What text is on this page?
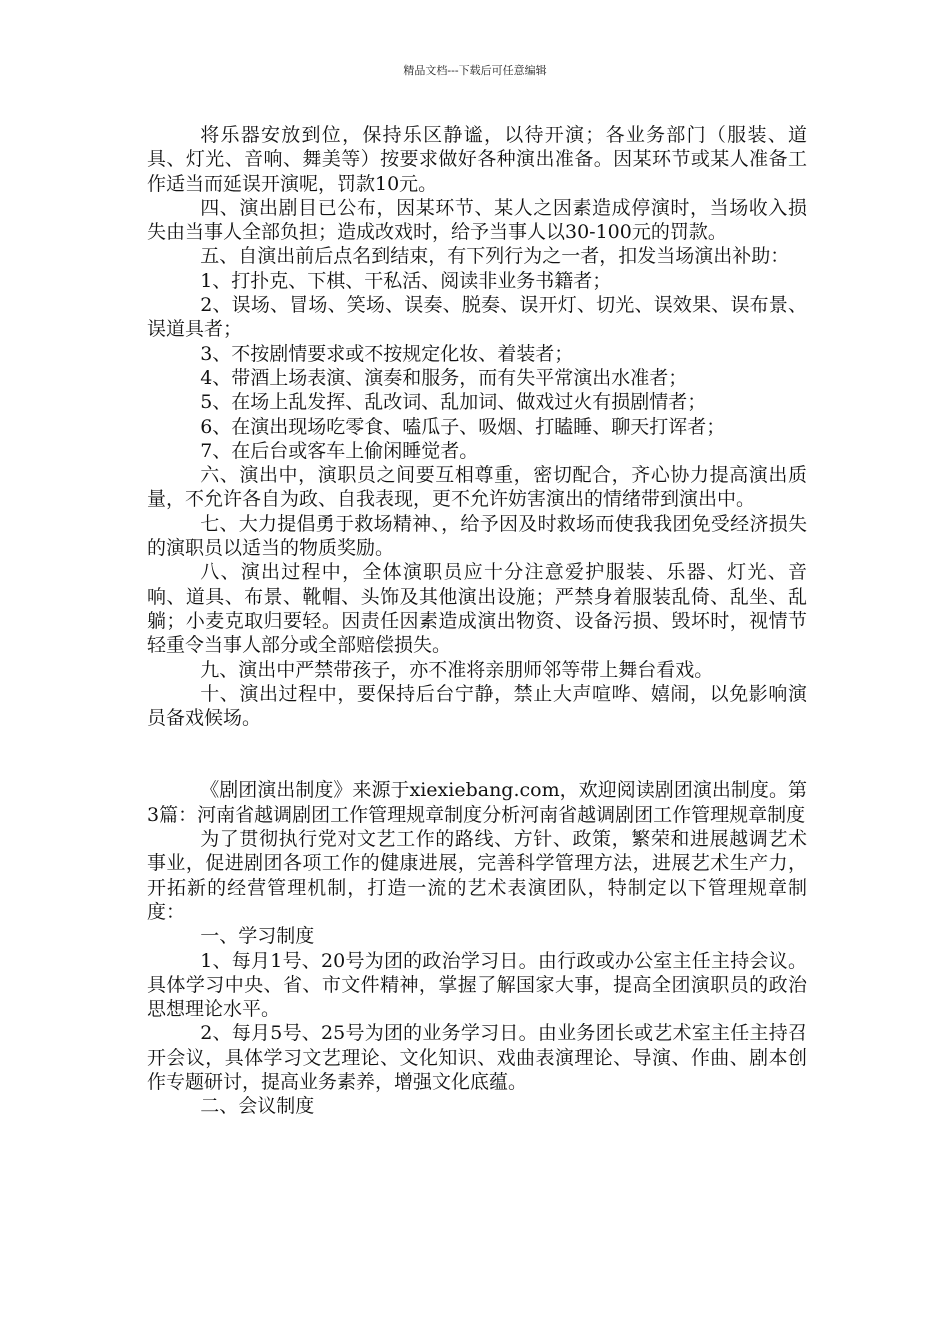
精品文档---下载后可任意编辑

将乐器安放到位，保持乐区静谧，以待开演；各业务部门（服装、道具、灯光、音响、舞美等）按要求做好各种演出准备。因某环节或某人准备工作适当而延误开演呢，罚款10元。

四、演出剧目已公布，因某环节、某人之因素造成停演时，当场收入损失由当事人全部负担；造成改戏时，给予当事人以30-100元的罚款。

五、自演出前后点名到结束，有下列行为之一者，扣发当场演出补助：

1、打扑克、下棋、干私活、阅读非业务书籍者；

2、误场、冒场、笑场、误奏、脱奏、误开灯、切光、误效果、误布景、误道具者；

3、不按剧情要求或不按规定化妆、着装者；

4、带酒上场表演、演奏和服务，而有失平常演出水准者；

5、在场上乱发挥、乱改词、乱加词、做戏过火有损剧情者；

6、在演出现场吃零食、嗑瓜子、吸烟、打瞌睡、聊天打诨者；

7、在后台或客车上偷闲睡觉者。

六、演出中，演职员之间要互相尊重，密切配合，齐心协力提高演出质量，不允许各自为政、自我表现，更不允许妨害演出的情绪带到演出中。

七、大力提倡勇于救场精神、，给予因及时救场而使我我团免受经济损失的演职员以适当的物质奖励。

八、演出过程中，全体演职员应十分注意爱护服装、乐器、灯光、音响、道具、布景、靴帽、头饰及其他演出设施；严禁身着服装乱倚、乱坐、乱躺；小麦克取归要轻。因责任因素造成演出物资、设备污损、毁坏时，视情节轻重令当事人部分或全部赔偿损失。

九、演出中严禁带孩子，亦不准将亲朋师邻等带上舞台看戏。

十、演出过程中，要保持后台宁静，禁止大声喧哗、嬉闹，以免影响演员备戏候场。

《剧团演出制度》来源于xiexiebang.com，欢迎阅读剧团演出制度。第3篇：河南省越调剧团工作管理规章制度分析河南省越调剧团工作管理规章制度

为了贯彻执行党对文艺工作的路线、方针、政策，繁荣和进展越调艺术事业，促进剧团各项工作的健康进展，完善科学管理方法，进展艺术生产力，开拓新的经营管理机制，打造一流的艺术表演团队，特制定以下管理规章制度：

一、学习制度

1、每月1号、20号为团的政治学习日。由行政或办公室主任主持会议。具体学习中央、省、市文件精神，掌握了解国家大事，提高全团演职员的政治思想理论水平。

2、每月5号、25号为团的业务学习日。由业务团长或艺术室主任主持召开会议，具体学习文艺理论、文化知识、戏曲表演理论、导演、作曲、剧本创作专题研讨，提高业务素养，增强文化底蕴。

二、会议制度
